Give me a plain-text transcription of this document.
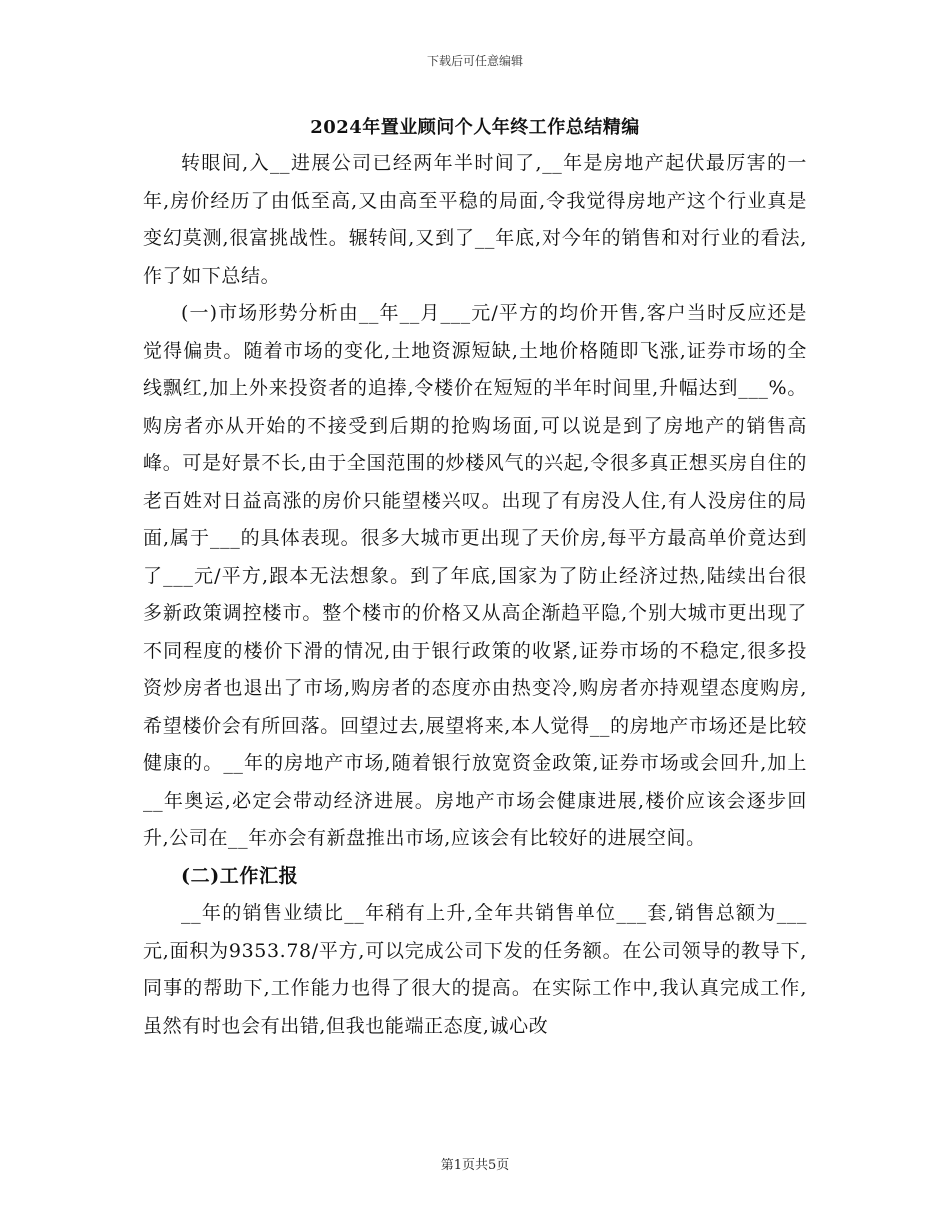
下载后可任意编辑
2024年置业顾问个人年终工作总结精编

转眼间,入__进展公司已经两年半时间了,__年是房地产起伏最厉害的一年,房价经历了由低至高,又由高至平稳的局面,令我觉得房地产这个行业真是变幻莫测,很富挑战性。辗转间,又到了__年底,对今年的销售和对行业的看法,作了如下总结。

(一)市场形势分析由__年__月___元/平方的均价开售,客户当时反应还是觉得偏贵。随着市场的变化,土地资源短缺,土地价格随即飞涨,证券市场的全线飘红,加上外来投资者的追捧,令楼价在短短的半年时间里,升幅达到___%。购房者亦从开始的不接受到后期的抢购场面,可以说是到了房地产的销售高峰。可是好景不长,由于全国范围的炒楼风气的兴起,令很多真正想买房自住的老百姓对日益高涨的房价只能望楼兴叹。出现了有房没人住,有人没房住的局面,属于___的具体表现。很多大城市更出现了天价房,每平方最高单价竟达到了___元/平方,跟本无法想象。到了年底,国家为了防止经济过热,陆续出台很多新政策调控楼市。整个楼市的价格又从高企渐趋平隐,个别大城市更出现了不同程度的楼价下滑的情况,由于银行政策的收紧,证券市场的不稳定,很多投资炒房者也退出了市场,购房者的态度亦由热变冷,购房者亦持观望态度购房,希望楼价会有所回落。回望过去,展望将来,本人觉得__的房地产市场还是比较健康的。__年的房地产市场,随着银行放宽资金政策,证券市场或会回升,加上__年奥运,必定会带动经济进展。房地产市场会健康进展,楼价应该会逐步回升,公司在__年亦会有新盘推出市场,应该会有比较好的进展空间。

(二)工作汇报

__年的销售业绩比__年稍有上升,全年共销售单位___套,销售总额为___元,面积为9353.78/平方,可以完成公司下发的任务额。在公司领导的教导下,同事的帮助下,工作能力也得了很大的提高。在实际工作中,我认真完成工作,虽然有时也会有出错,但我也能端正态度,诚心改

第1页共5页
